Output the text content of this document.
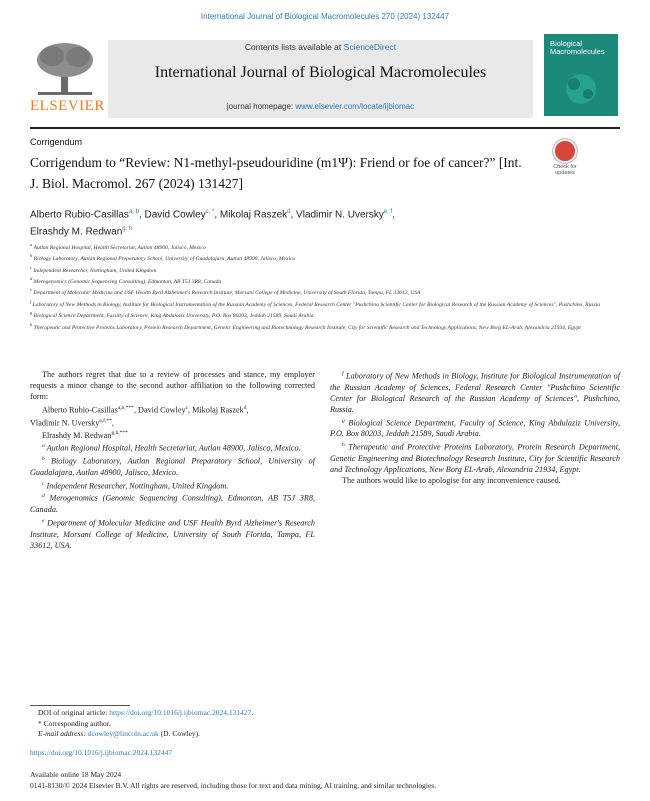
International Journal of Biological Macromolecules 270 (2024) 132447
ELSEVIER
Contents lists available at ScienceDirect
International Journal of Biological Macromolecules
journal homepage: www.elsevier.com/locate/ijbiomac
Biological
Macromolecules
Corrigendum
Corrigendum to “Review: N1-methyl-pseudouridine (m1Ψ): Friend or foe of cancer?” [Int. J. Biol. Macromol. 267 (2024) 131427]
Check for
updates
Alberto Rubio-Casillas$^{a, b}$, David Cowley$^{c, *}$, Mikolaj Raszek$^d$, Vladimir N. Uversky$^{e, f}$,
Elrashdy M. Redwan$^{g, h}$

$^a$ Autlan Regional Hospital, Health Secretariat, Autlan 48900, Jalisco, Mexico

$^b$ Biology Laboratory, Autlan Regional Preparatory School, University of Guadalajara, Autlan 48900, Jalisco, Mexico

$^c$ Independent Researcher, Nottingham, United Kingdom

$^d$ Merogenomics (Genomic Sequencing Consulting), Edmonton, AB T5J 3R8, Canada

$^e$ Department of Molecular Medicine and USF Health Byrd Alzheimer's Research Institute, Morsani College of Medicine, University of South Florida, Tampa, FL 33612, USA

$^f$ Laboratory of New Methods in Biology, Institute for Biological Instrumentation of the Russian Academy of Sciences, Federal Research Center "Pushchino Scientific Center for Biological Research of the Russian Academy of Sciences", Pushchino, Russia

$^g$ Biological Science Department, Faculty of Science, King Abdulaziz University, P.O. Box 80203, Jeddah 21589, Saudi Arabia

$^h$ Therapeutic and Protective Proteins Laboratory, Protein Research Department, Genetic Engineering and Biotechnology Research Institute, City for Scientific Research and Technology Applications, New Borg EL-Arab, Alexandria 21934, Egypt

The authors regret that due to a review of processes and stance, my employer requests a minor change to the second author affiliation to the following corrected form:

Alberto Rubio-Casillas$^{a,b,***}$, David Cowley$^c$, Mikolaj Raszek$^d$,
Vladimir N. Uversky$^{e,f,**}$,
Elrashdy M. Redwan$^{g,h,***}$

$^a$ Autlan Regional Hospital, Health Secretariat, Autlan 48900, Jalisco, Mexico.

$^b$ Biology Laboratory, Autlan Regional Preparatory School, University of Guadalajara, Autlan 48900, Jalisco, Mexico.

$^c$ Independent Researcher, Nottingham, United Kingdom.

$^d$ Merogenomics (Genomic Sequencing Consulting), Edmonton, AB T5J 3R8, Canada.

$^e$ Department of Molecular Medicine and USF Health Byrd Alzheimer's Research Institute, Morsani College of Medicine, University of South Florida, Tampa, FL 33612, USA.

$^f$ Laboratory of New Methods in Biology, Institute for Biological Instrumentation of the Russian Academy of Sciences, Federal Research Center "Pushchino Scientific Center for Biological Research of the Russian Academy of Sciences", Pushchino, Russia.

$^g$ Biological Science Department, Faculty of Science, King Abdulaziz University, P.O. Box 80203, Jeddah 21589, Saudi Arabia.

$^h$ Therapeutic and Protective Proteins Laboratory, Protein Research Department, Genetic Engineering and Biotechnology Research Institute, City for Scientific Research and Technology Applications, New Borg EL-Arab, Alexandria 21934, Egypt.

The authors would like to apologise for any inconvenience caused.

DOI of original article: https://doi.org/10.1016/j.ijbiomac.2024.131427.
* Corresponding author.
E-mail address: dcowley@lincoln.ac.uk (D. Cowley).
https://doi.org/10.1016/j.ijbiomac.2024.132447
Available online 18 May 2024
0141-8130/© 2024 Elsevier B.V. All rights are reserved, including those for text and data mining, AI training, and similar technologies.
